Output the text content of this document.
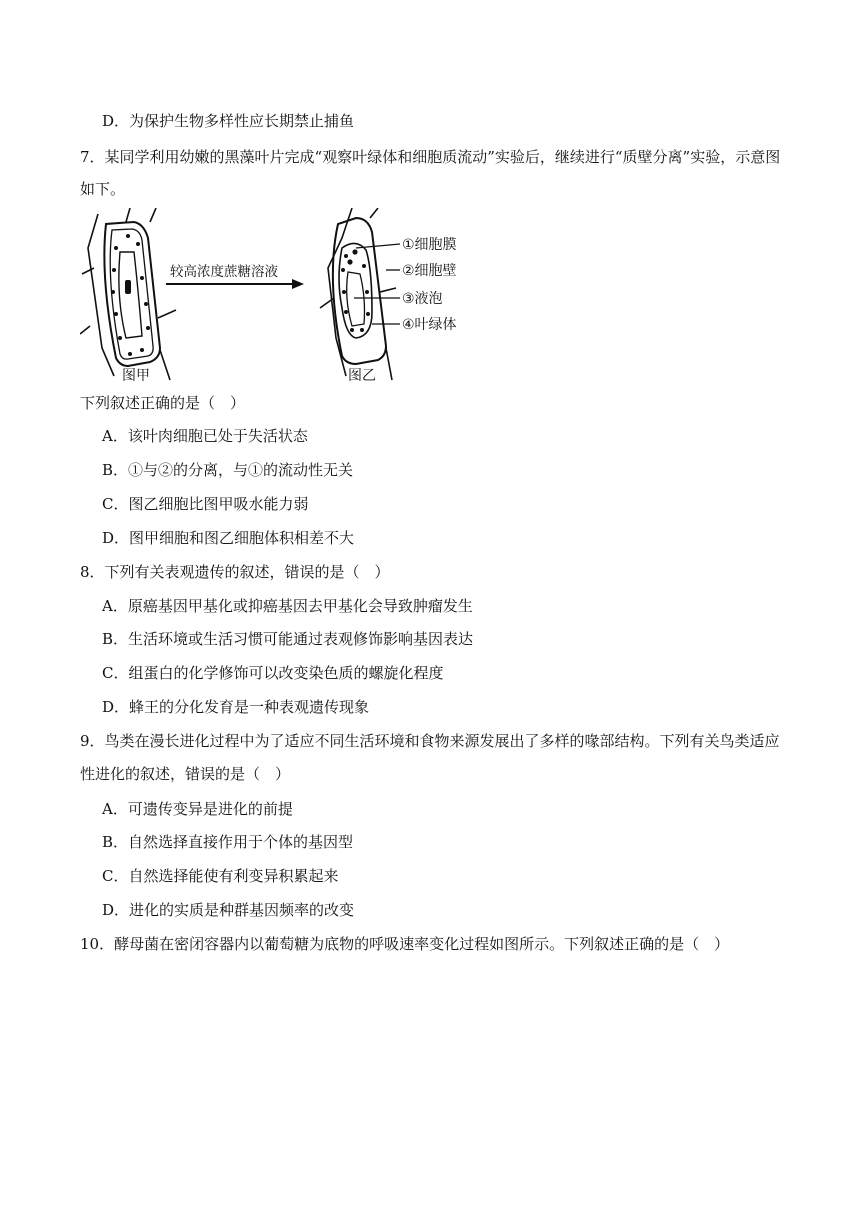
D．为保护生物多样性应长期禁止捕鱼
7．某同学利用幼嫩的黑藻叶片完成“观察叶绿体和细胞质流动”实验后，继续进行“质壁分离”实验，示意图
如下。
图甲
较高浓度蔗糖溶液
图乙
①细胞膜
②细胞壁
③液泡
④叶绿体
下列叙述正确的是（　）
A．该叶肉细胞已处于失活状态
B．①与②的分离，与①的流动性无关
C．图乙细胞比图甲吸水能力弱
D．图甲细胞和图乙细胞体积相差不大
8．下列有关表观遗传的叙述，错误的是（　）
A．原癌基因甲基化或抑癌基因去甲基化会导致肿瘤发生
B．生活环境或生活习惯可能通过表观修饰影响基因表达
C．组蛋白的化学修饰可以改变染色质的螺旋化程度
D．蜂王的分化发育是一种表观遗传现象
9．鸟类在漫长进化过程中为了适应不同生活环境和食物来源发展出了多样的喙部结构。下列有关鸟类适应
性进化的叙述，错误的是（　）
A．可遗传变异是进化的前提
B．自然选择直接作用于个体的基因型
C．自然选择能使有利变异积累起来
D．进化的实质是种群基因频率的改变
10．酵母菌在密闭容器内以葡萄糖为底物的呼吸速率变化过程如图所示。下列叙述正确的是（　）
